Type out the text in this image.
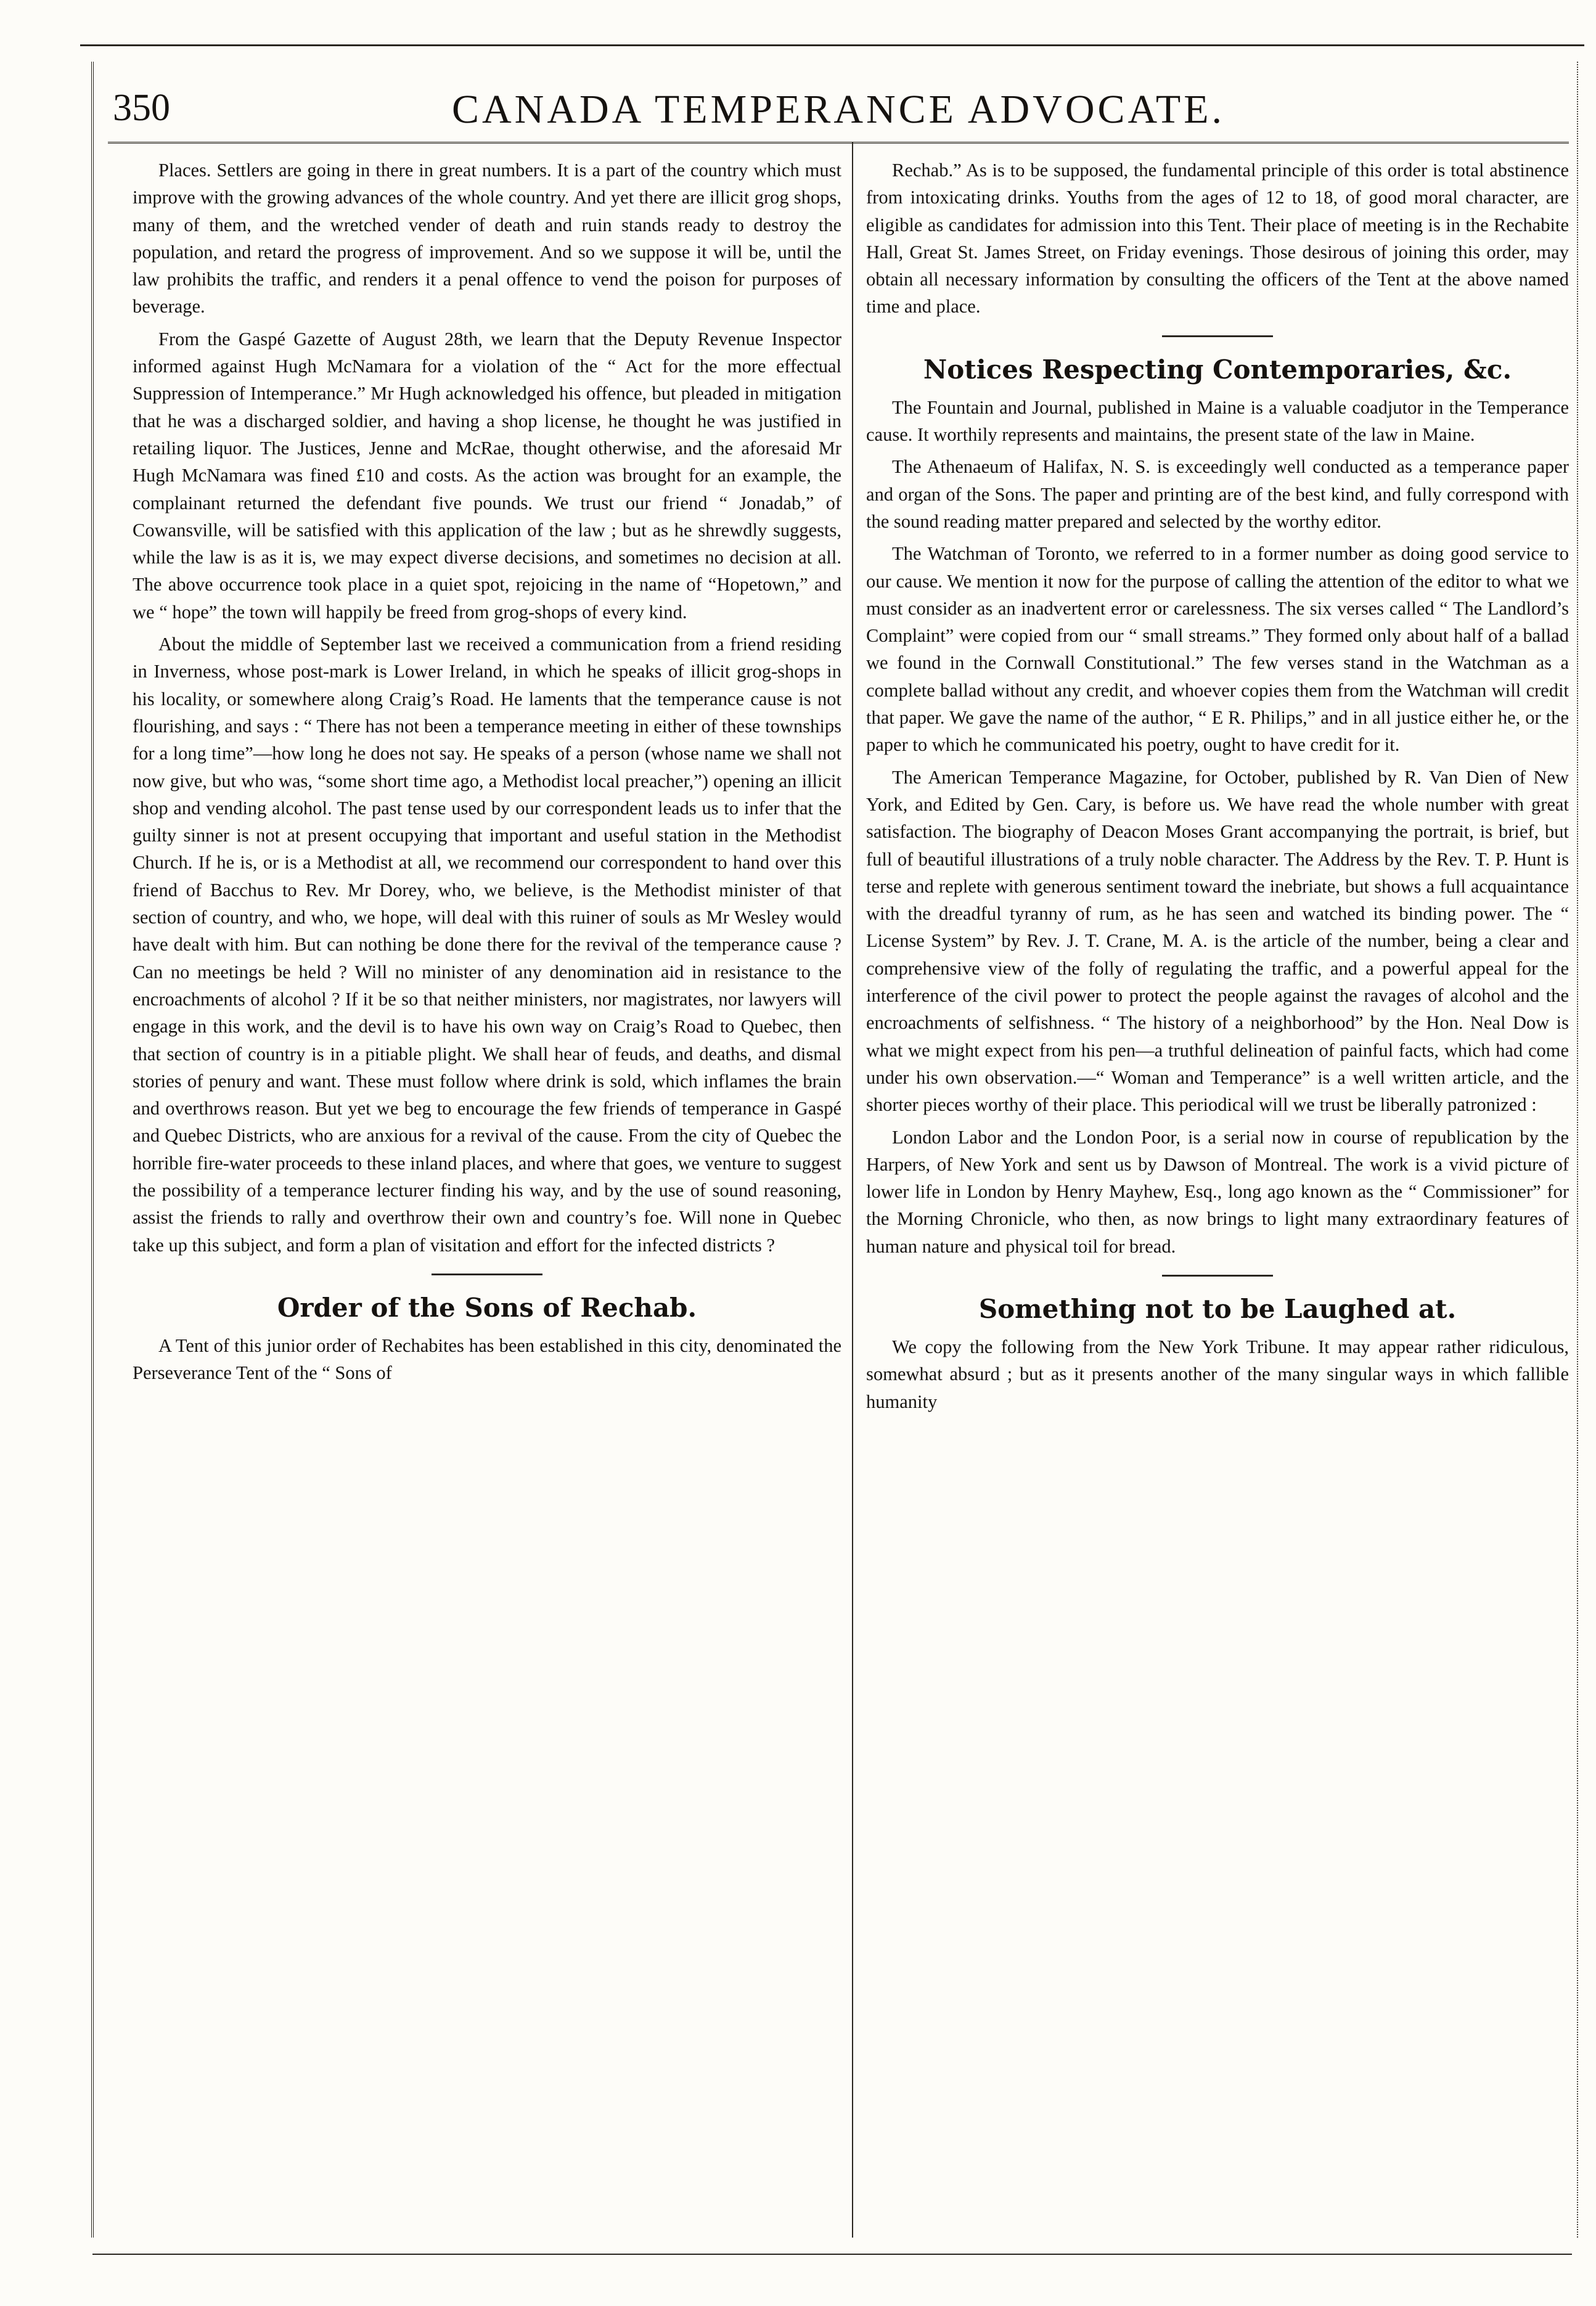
350	CANADA TEMPERANCE ADVOCATE.

Places. Settlers are going in there in great numbers. It is a part of the country which must improve with the growing advances of the whole country. And yet there are illicit grog shops, many of them, and the wretched vender of death and ruin stands ready to destroy the population, and retard the progress of improvement. And so we suppose it will be, until the law prohibits the traffic, and renders it a penal offence to vend the poison for purposes of beverage.

From the Gaspé Gazette of August 28th, we learn that the Deputy Revenue Inspector informed against Hugh McNamara for a violation of the “ Act for the more effectual Suppression of Intemperance.” Mr Hugh acknowledged his offence, but pleaded in mitigation that he was a discharged soldier, and having a shop license, he thought he was justified in retailing liquor. The Justices, Jenne and McRae, thought otherwise, and the aforesaid Mr Hugh McNamara was fined £10 and costs. As the action was brought for an example, the complainant returned the defendant five pounds. We trust our friend “ Jonadab,” of Cowansville, will be satisfied with this application of the law ; but as he shrewdly suggests, while the law is as it is, we may expect diverse decisions, and sometimes no decision at all. The above occurrence took place in a quiet spot, rejoicing in the name of “Hopetown,” and we “ hope” the town will happily be freed from grog-shops of every kind.

About the middle of September last we received a communication from a friend residing in Inverness, whose post-mark is Lower Ireland, in which he speaks of illicit grog-shops in his locality, or somewhere along Craig’s Road. He laments that the temperance cause is not flourishing, and says : “ There has not been a temperance meeting in either of these townships for a long time”—how long he does not say. He speaks of a person (whose name we shall not now give, but who was, “some short time ago, a Methodist local preacher,”) opening an illicit shop and vending alcohol. The past tense used by our correspondent leads us to infer that the guilty sinner is not at present occupying that important and useful station in the Methodist Church. If he is, or is a Methodist at all, we recommend our correspondent to hand over this friend of Bacchus to Rev. Mr Dorey, who, we believe, is the Methodist minister of that section of country, and who, we hope, will deal with this ruiner of souls as Mr Wesley would have dealt with him. But can nothing be done there for the revival of the temperance cause ? Can no meetings be held ? Will no minister of any denomination aid in resistance to the encroachments of alcohol ? If it be so that neither ministers, nor magistrates, nor lawyers will engage in this work, and the devil is to have his own way on Craig’s Road to Quebec, then that section of country is in a pitiable plight. We shall hear of feuds, and deaths, and dismal stories of penury and want. These must follow where drink is sold, which inflames the brain and overthrows reason. But yet we beg to encourage the few friends of temperance in Gaspé and Quebec Districts, who are anxious for a revival of the cause. From the city of Quebec the horrible fire-water proceeds to these inland places, and where that goes, we venture to suggest the possibility of a temperance lecturer finding his way, and by the use of sound reasoning, assist the friends to rally and overthrow their own and country’s foe. Will none in Quebec take up this subject, and form a plan of visitation and effort for the infected districts ?

Order of the Sons of Rechab.

A Tent of this junior order of Rechabites has been established in this city, denominated the Perseverance Tent of the “ Sons of

Rechab.” As is to be supposed, the fundamental principle of this order is total abstinence from intoxicating drinks. Youths from the ages of 12 to 18, of good moral character, are eligible as candidates for admission into this Tent. Their place of meeting is in the Rechabite Hall, Great St. James Street, on Friday evenings. Those desirous of joining this order, may obtain all necessary information by consulting the officers of the Tent at the above named time and place.

Notices Respecting Contemporaries, &c.

The Fountain and Journal, published in Maine is a valuable coadjutor in the Temperance cause. It worthily represents and maintains, the present state of the law in Maine.

The Athenaeum of Halifax, N. S. is exceedingly well conducted as a temperance paper and organ of the Sons. The paper and printing are of the best kind, and fully correspond with the sound reading matter prepared and selected by the worthy editor.

The Watchman of Toronto, we referred to in a former number as doing good service to our cause. We mention it now for the purpose of calling the attention of the editor to what we must consider as an inadvertent error or carelessness. The six verses called “ The Landlord’s Complaint” were copied from our “ small streams.” They formed only about half of a ballad we found in the Cornwall Constitutional.” The few verses stand in the Watchman as a complete ballad without any credit, and whoever copies them from the Watchman will credit that paper. We gave the name of the author, “ E R. Philips,” and in all justice either he, or the paper to which he communicated his poetry, ought to have credit for it.

The American Temperance Magazine, for October, published by R. Van Dien of New York, and Edited by Gen. Cary, is before us. We have read the whole number with great satisfaction. The biography of Deacon Moses Grant accompanying the portrait, is brief, but full of beautiful illustrations of a truly noble character. The Address by the Rev. T. P. Hunt is terse and replete with generous sentiment toward the inebriate, but shows a full acquaintance with the dreadful tyranny of rum, as he has seen and watched its binding power. The “ License System” by Rev. J. T. Crane, M. A. is the article of the number, being a clear and comprehensive view of the folly of regulating the traffic, and a powerful appeal for the interference of the civil power to protect the people against the ravages of alcohol and the encroachments of selfishness. “ The history of a neighborhood” by the Hon. Neal Dow is what we might expect from his pen—a truthful delineation of painful facts, which had come under his own observation.—“ Woman and Temperance” is a well written article, and the shorter pieces worthy of their place. This periodical will we trust be liberally patronized :

London Labor and the London Poor, is a serial now in course of republication by the Harpers, of New York and sent us by Dawson of Montreal. The work is a vivid picture of lower life in London by Henry Mayhew, Esq., long ago known as the “ Commissioner” for the Morning Chronicle, who then, as now brings to light many extraordinary features of human nature and physical toil for bread.

Something not to be Laughed at.

We copy the following from the New York Tribune. It may appear rather ridiculous, somewhat absurd ; but as it presents another of the many singular ways in which fallible humanity
